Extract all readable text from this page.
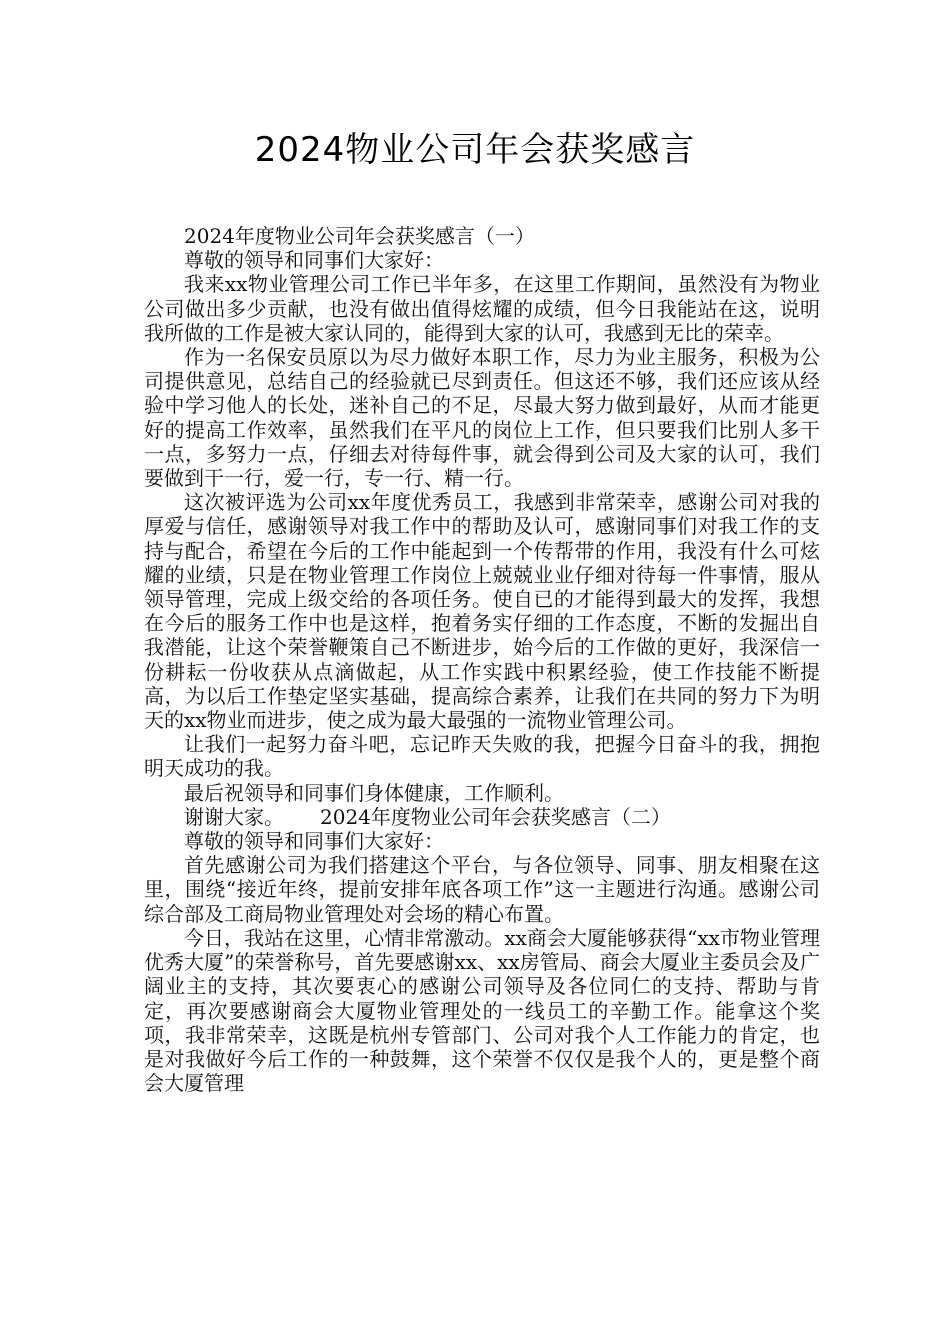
2024物业公司年会获奖感言

2024年度物业公司年会获奖感言（一）

尊敬的领导和同事们大家好：

我来xx物业管理公司工作已半年多，在这里工作期间，虽然没有为物业公司做出多少贡献，也没有做出值得炫耀的成绩，但今日我能站在这，说明我所做的工作是被大家认同的，能得到大家的认可，我感到无比的荣幸。

作为一名保安员原以为尽力做好本职工作，尽力为业主服务，积极为公司提供意见，总结自己的经验就已尽到责任。但这还不够，我们还应该从经验中学习他人的长处，迷补自己的不足，尽最大努力做到最好，从而才能更好的提高工作效率，虽然我们在平凡的岗位上工作，但只要我们比别人多干一点，多努力一点，仔细去对待每件事，就会得到公司及大家的认可，我们要做到干一行，爱一行，专一行、精一行。

这次被评选为公司xx年度优秀员工，我感到非常荣幸，感谢公司对我的厚爱与信任，感谢领导对我工作中的帮助及认可，感谢同事们对我工作的支持与配合，希望在今后的工作中能起到一个传帮带的作用，我没有什么可炫耀的业绩，只是在物业管理工作岗位上兢兢业业仔细对待每一件事情，服从领导管理，完成上级交给的各项任务。使自已的才能得到最大的发挥，我想在今后的服务工作中也是这样，抱着务实仔细的工作态度，不断的发掘出自我潜能，让这个荣誉鞭策自己不断进步，始今后的工作做的更好，我深信一份耕耘一份收获从点滴做起，从工作实践中积累经验，使工作技能不断提高，为以后工作垫定坚实基础，提高综合素养，让我们在共同的努力下为明天的xx物业而进步，使之成为最大最强的一流物业管理公司。

让我们一起努力奋斗吧，忘记昨天失败的我，把握今日奋斗的我，拥抱明天成功的我。

最后祝领导和同事们身体健康，工作顺利。

谢谢大家。 2024年度物业公司年会获奖感言（二）

尊敬的领导和同事们大家好：

首先感谢公司为我们搭建这个平台，与各位领导、同事、朋友相聚在这里，围绕“接近年终，提前安排年底各项工作”这一主题进行沟通。感谢公司综合部及工商局物业管理处对会场的精心布置。

今日，我站在这里，心情非常激动。xx商会大厦能够获得“xx市物业管理优秀大厦”的荣誉称号，首先要感谢xx、xx房管局、商会大厦业主委员会及广阔业主的支持，其次要衷心的感谢公司领导及各位同仁的支持、帮助与肯定，再次要感谢商会大厦物业管理处的一线员工的辛勤工作。能拿这个奖项，我非常荣幸，这既是杭州专管部门、公司对我个人工作能力的肯定，也是对我做好今后工作的一种鼓舞，这个荣誉不仅仅是我个人的，更是整个商会大厦管理
